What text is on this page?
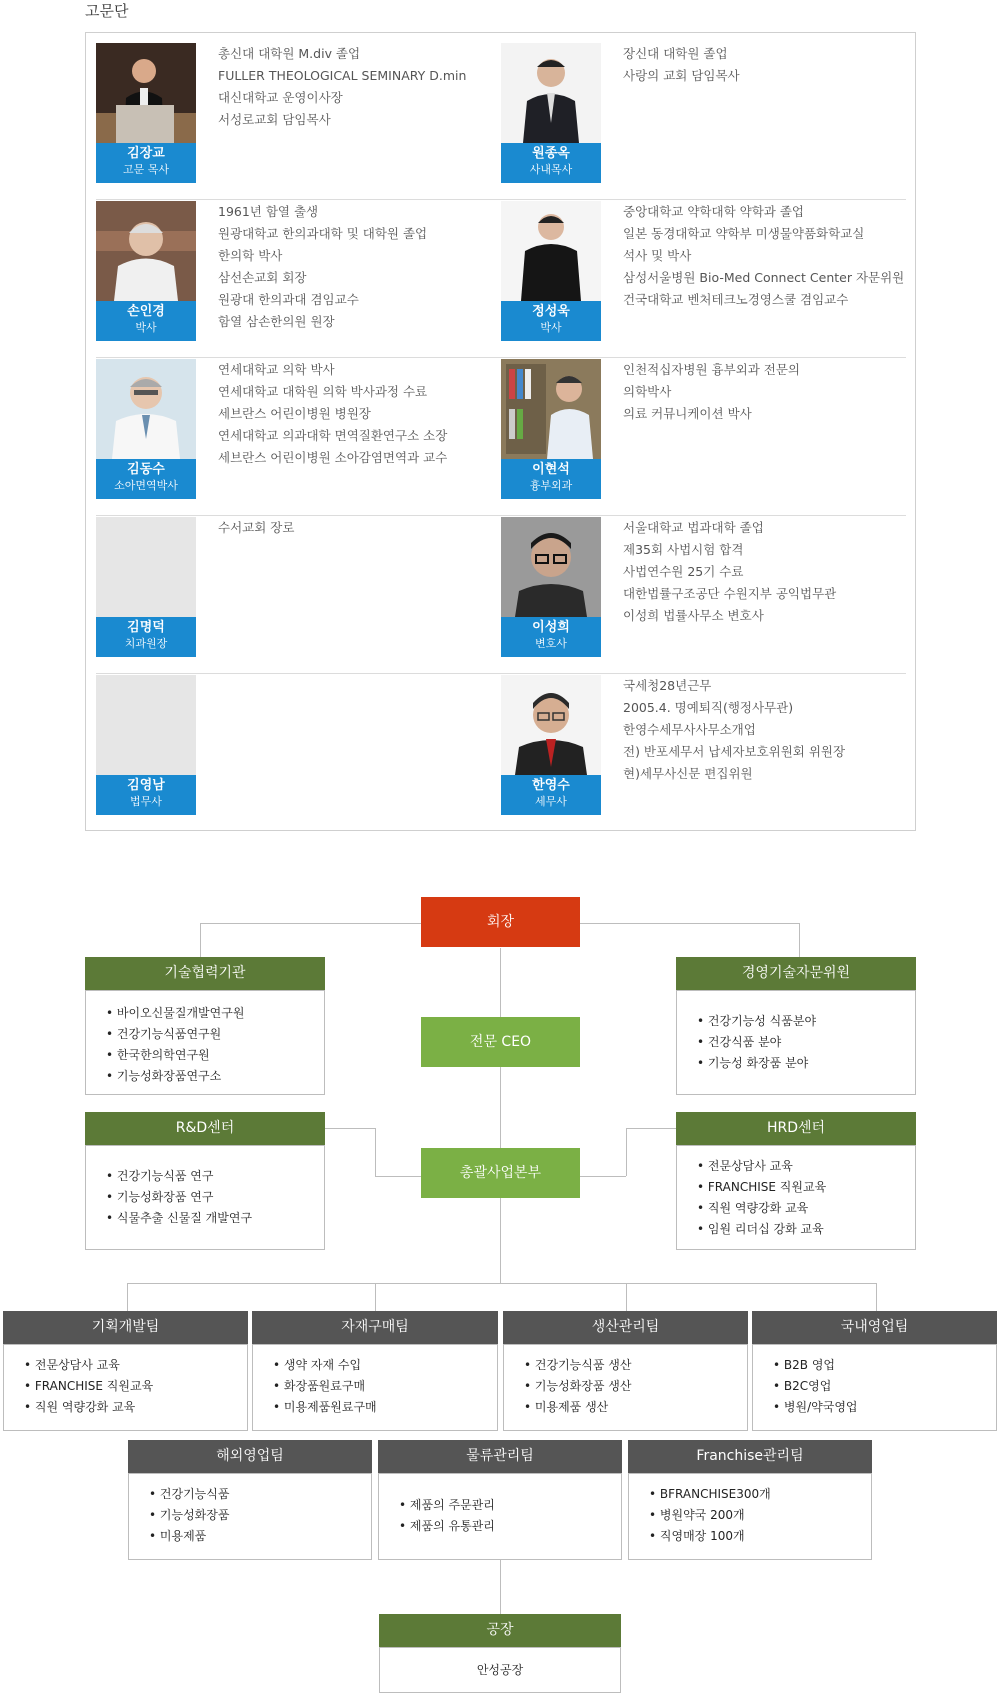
고문단
김장교
고문 목사
총신대 대학원 M.div 졸업
FULLER THEOLOGICAL SEMINARY D.min
대신대학교 운영이사장
서성로교회 담임목사
손인경
박사
1961년 함열 출생
원광대학교 한의과대학 및 대학원 졸업
한의학 박사
삼선손교회 회장
원광대 한의과대 겸임교수
함열 삼손한의원 원장
김동수
소아면역박사
연세대학교 의학 박사
연세대학교 대학원 의학 박사과정 수료
세브란스 어린이병원 병원장
연세대학교 의과대학 면역질환연구소 소장
세브란스 어린이병원 소아감염면역과 교수
김명덕
치과원장
수서교회 장로
김영남
법무사
원종옥
사내목사
장신대 대학원 졸업
사랑의 교회 담임목사
정성욱
박사
중앙대학교 약학대학 약학과 졸업
일본 동경대학교 약학부 미생물약품화학교실
석사 및 박사
삼성서울병원 Bio-Med Connect Center 자문위원
건국대학교 벤처테크노경영스쿨 겸임교수
이현석
흉부외과
인천적십자병원 흉부외과 전문의
의학박사
의료 커뮤니케이션 박사
이성희
변호사
서울대학교 법과대학 졸업
제35회 사법시험 합격
사법연수원 25기 수료
대한법률구조공단 수원지부 공익법무관
이성희 법률사무소 변호사
한영수
세무사
국세청28년근무
2005.4. 명예퇴직(행정사무관)
한영수세무사사무소개업
전) 반포세무서 납세자보호위원회 위원장
현)세무사신문 편집위원
회장
전문 CEO
총괄사업본부
기술협력기관
• 바이오신물질개발연구원
• 건강기능식품연구원
• 한국한의학연구원
• 기능성화장품연구소
경영기술자문위원
• 건강기능성 식품분야
• 건강식품 분야
• 기능성 화장품 분야
R&D센터
• 건강기능식품 연구
• 기능성화장품 연구
• 식물추출 신물질 개발연구
HRD센터
• 전문상담사 교육
• FRANCHISE 직원교육
• 직원 역량강화 교육
• 임원 리더십 강화 교육
기획개발팀
• 전문상담사 교육
• FRANCHISE 직원교육
• 직원 역량강화 교육
자재구매팀
• 생약 자재 수입
• 화장품원료구매
• 미용제품원료구매
생산관리팀
• 건강기능식품 생산
• 기능성화장품 생산
• 미용제품 생산
국내영업팀
• B2B 영업
• B2C영업
• 병원/약국영업
해외영업팀
• 건강기능식품
• 기능성화장품
• 미용제품
물류관리팀
• 제품의 주문관리
• 제품의 유통관리
Franchise관리팀
• BFRANCHISE300개
• 병원약국 200개
• 직영매장 100개
공장
안성공장
